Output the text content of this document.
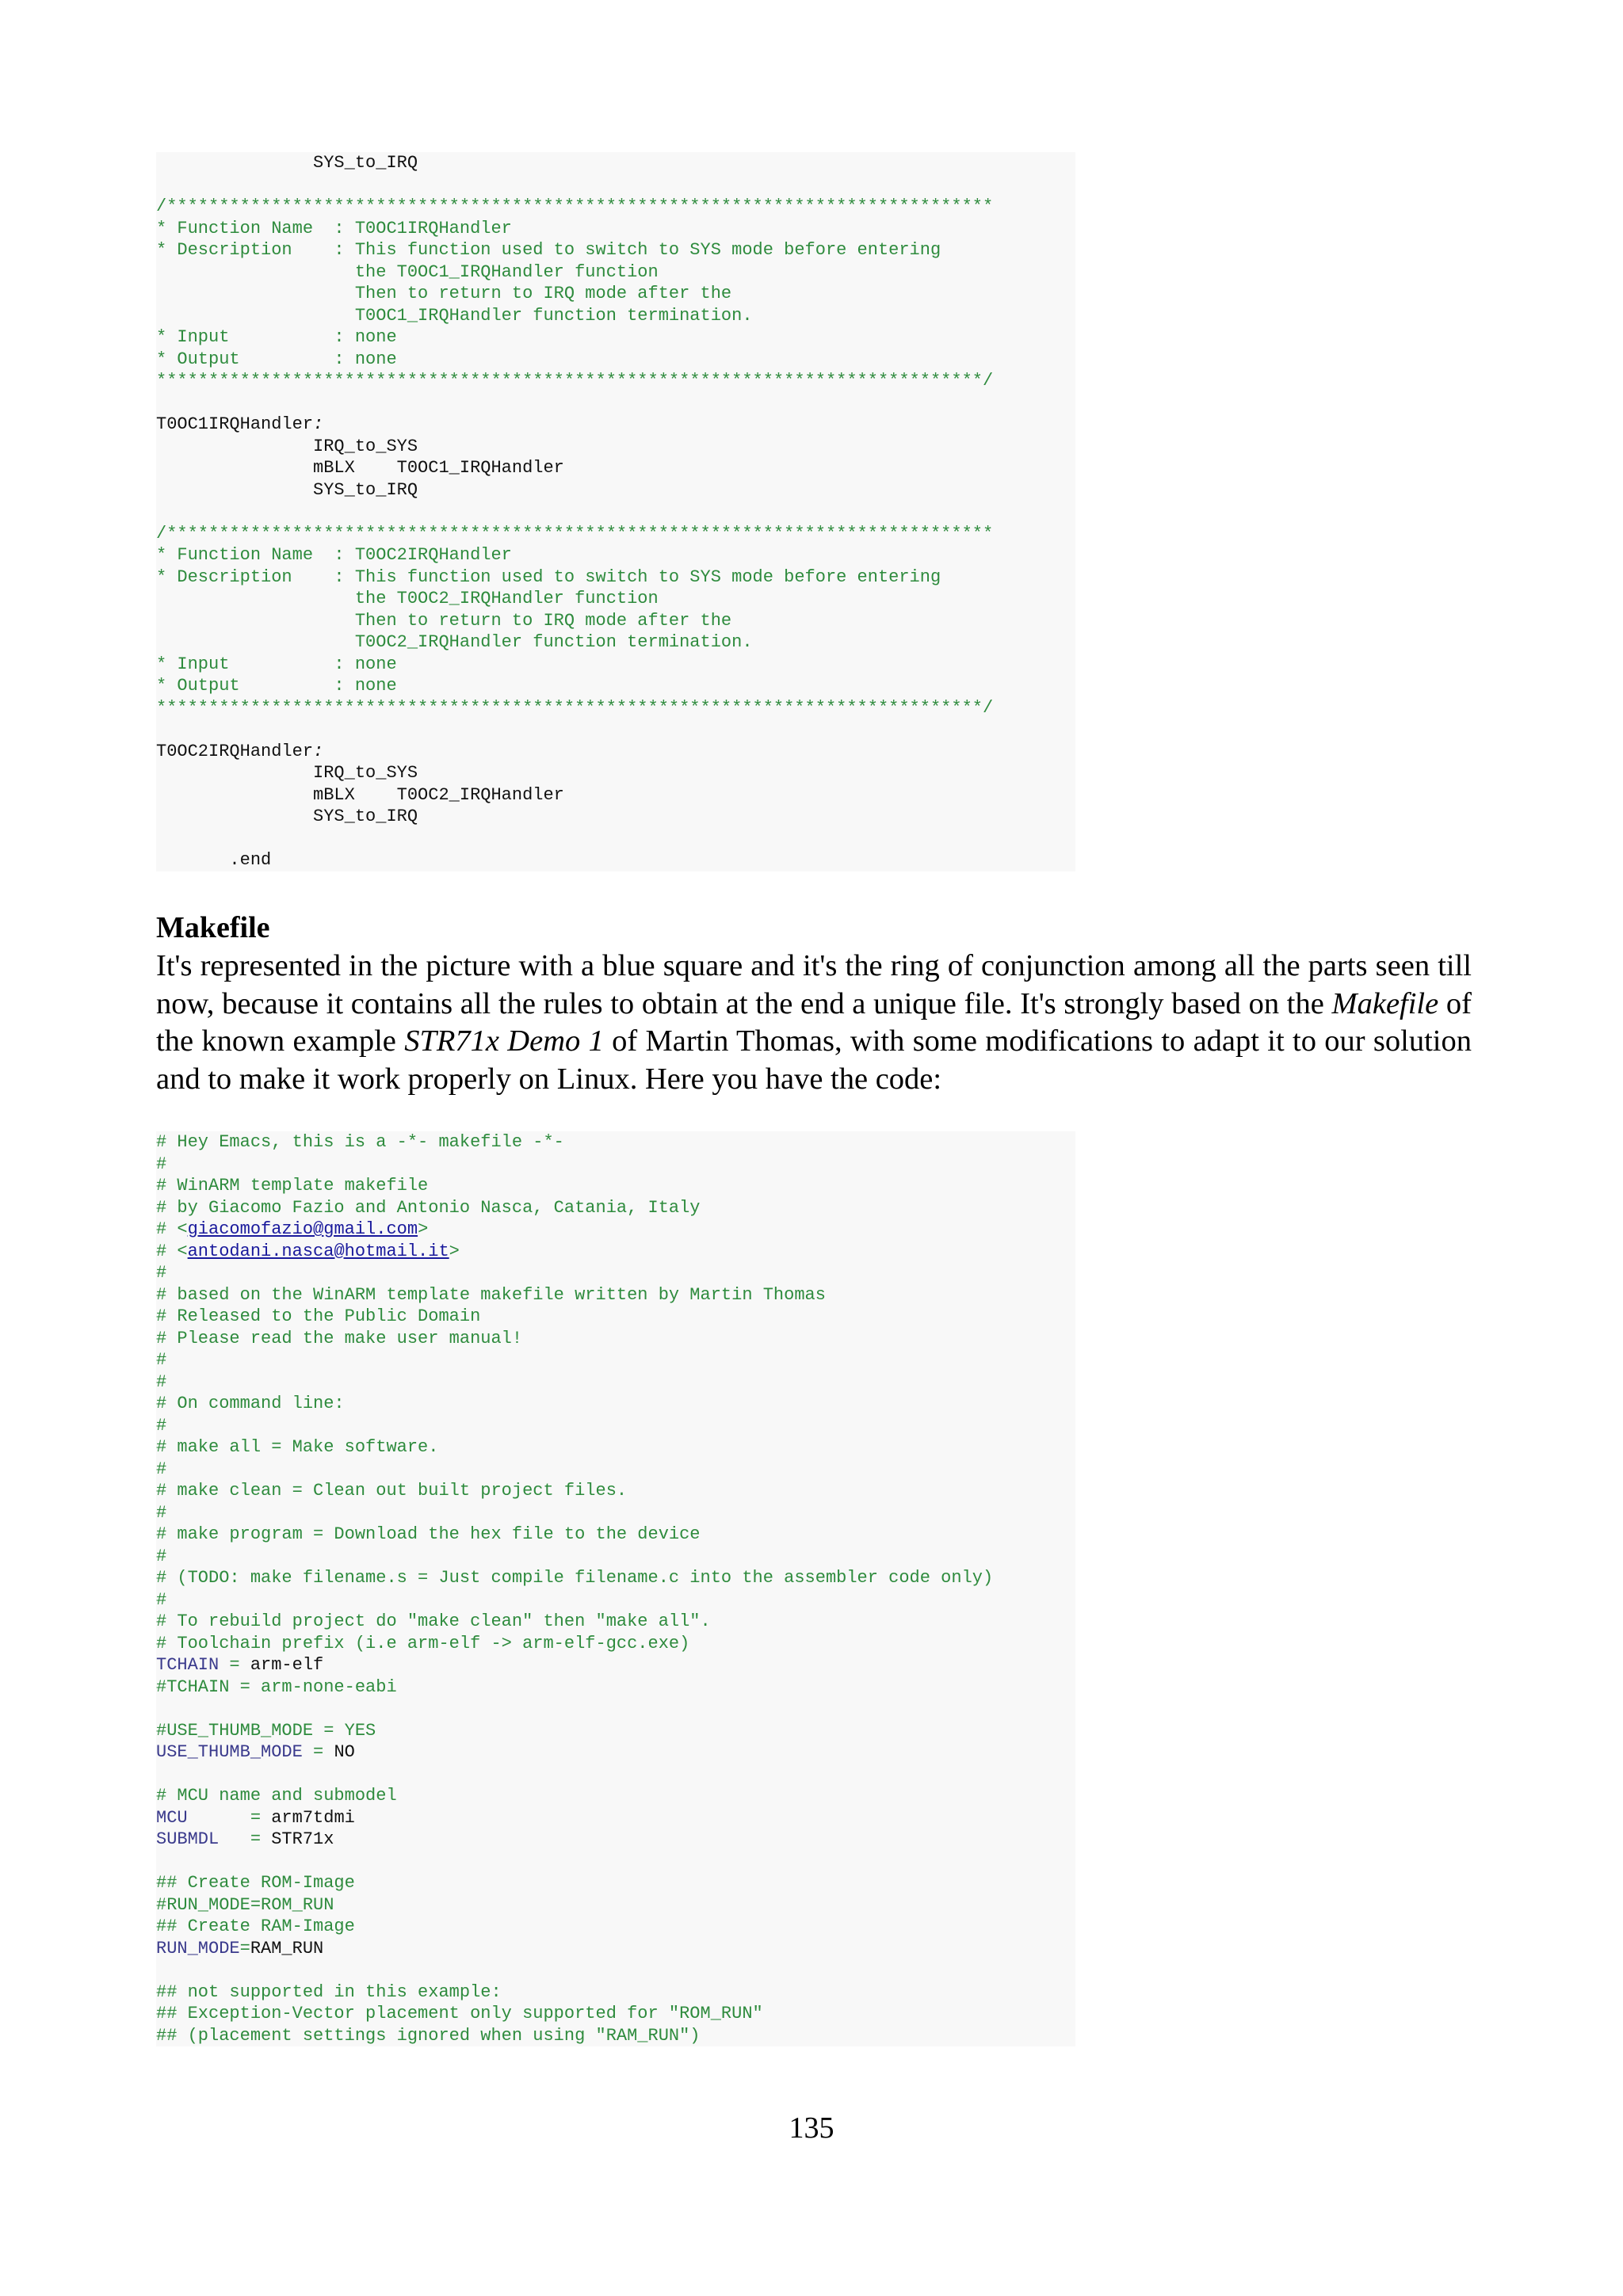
SYS_to_IRQ
/*******************************************************************************
* Function Name  : T0OC1IRQHandler
* Description    : This function used to switch to SYS mode before entering
the T0OC1_IRQHandler function
Then to return to IRQ mode after the
T0OC1_IRQHandler function termination.
* Input          : none
* Output         : none
*******************************************************************************/
T0OC1IRQHandler:
IRQ_to_SYS
mBLX    T0OC1_IRQHandler
SYS_to_IRQ
/*******************************************************************************
* Function Name  : T0OC2IRQHandler
* Description    : This function used to switch to SYS mode before entering
the T0OC2_IRQHandler function
Then to return to IRQ mode after the
T0OC2_IRQHandler function termination.
* Input          : none
* Output         : none
*******************************************************************************/
T0OC2IRQHandler:
IRQ_to_SYS
mBLX    T0OC2_IRQHandler
SYS_to_IRQ
.end
Makefile

It's represented in the picture with a blue square and it's the ring of conjunction among all the parts seen till now, because it contains all the rules to obtain at the end a unique file. It's strongly based on the Makefile of the known example STR71x Demo 1 of Martin Thomas, with some modifications to adapt it to our solution and to make it work properly on Linux. Here you have the code:

# Hey Emacs, this is a -*- makefile -*-
#
# WinARM template makefile
# by Giacomo Fazio and Antonio Nasca, Catania, Italy
# <giacomofazio@gmail.com>
# <antodani.nasca@hotmail.it>
#
# based on the WinARM template makefile written by Martin Thomas
# Released to the Public Domain
# Please read the make user manual!
#
#
# On command line:
#
# make all = Make software.
#
# make clean = Clean out built project files.
#
# make program = Download the hex file to the device
#
# (TODO: make filename.s = Just compile filename.c into the assembler code only)
#
# To rebuild project do "make clean" then "make all".
# Toolchain prefix (i.e arm-elf -> arm-elf-gcc.exe)
TCHAIN = arm-elf
#TCHAIN = arm-none-eabi
#USE_THUMB_MODE = YES
USE_THUMB_MODE = NO
# MCU name and submodel
MCU      = arm7tdmi
SUBMDL   = STR71x
## Create ROM-Image
#RUN_MODE=ROM_RUN
## Create RAM-Image
RUN_MODE=RAM_RUN
## not supported in this example:
## Exception-Vector placement only supported for "ROM_RUN"
## (placement settings ignored when using "RAM_RUN")
135
